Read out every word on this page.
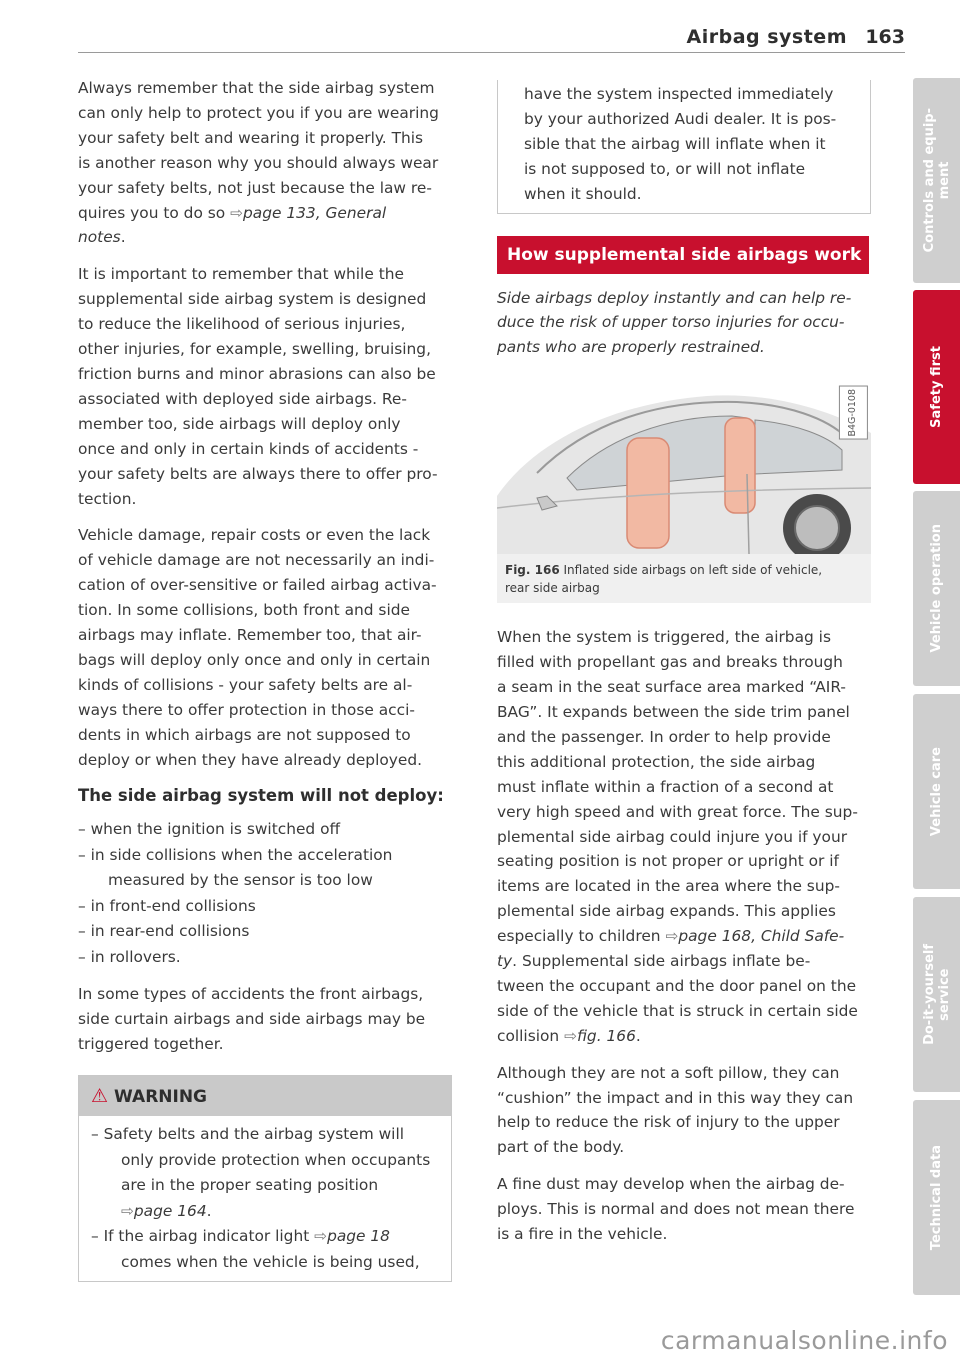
Airbag system 163

Always remember that the side airbag system
can only help to protect you if you are wearing
your safety belt and wearing it properly. This
is another reason why you should always wear
your safety belts, not just because the law re-
quires you to do so ⇨page 133, General
notes.

It is important to remember that while the
supplemental side airbag system is designed
to reduce the likelihood of serious injuries,
other injuries, for example, swelling, bruising,
friction burns and minor abrasions can also be
associated with deployed side airbags. Re-
member too, side airbags will deploy only
once and only in certain kinds of accidents -
your safety belts are always there to offer pro-
tection.

Vehicle damage, repair costs or even the lack
of vehicle damage are not necessarily an indi-
cation of over-sensitive or failed airbag activa-
tion. In some collisions, both front and side
airbags may inflate. Remember too, that air-
bags will deploy only once and only in certain
kinds of collisions - your safety belts are al-
ways there to offer protection in those acci-
dents in which airbags are not supposed to
deploy or when they have already deployed.

The side airbag system will not deploy:
– when the ignition is switched off
– in side collisions when the acceleration
measured by the sensor is too low
– in front-end collisions
– in rear-end collisions
– in rollovers.

In some types of accidents the front airbags,
side curtain airbags and side airbags may be
triggered together.

⚠ WARNING
– Safety belts and the airbag system will
only provide protection when occupants
are in the proper seating position
⇨page 164.
– If the airbag indicator light ⇨page 18
comes when the vehicle is being used,
have the system inspected immediately
by your authorized Audi dealer. It is pos-
sible that the airbag will inflate when it
is not supposed to, or will not inflate
when it should.
How supplemental side airbags work

Side airbags deploy instantly and can help re-
duce the risk of upper torso injuries for occu-
pants who are properly restrained.

B4G-0108
Fig. 166 Inflated side airbags on left side of vehicle,
rear side airbag

When the system is triggered, the airbag is
filled with propellant gas and breaks through
a seam in the seat surface area marked “AIR-
BAG”. It expands between the side trim panel
and the passenger. In order to help provide
this additional protection, the side airbag
must inflate within a fraction of a second at
very high speed and with great force. The sup-
plemental side airbag could injure you if your
seating position is not proper or upright or if
items are located in the area where the sup-
plemental side airbag expands. This applies
especially to children ⇨page 168, Child Safe-
ty. Supplemental side airbags inflate be-
tween the occupant and the door panel on the
side of the vehicle that is struck in certain side
collision ⇨fig. 166.

Although they are not a soft pillow, they can
“cushion” the impact and in this way they can
help to reduce the risk of injury to the upper
part of the body.

A fine dust may develop when the airbag de-
ploys. This is normal and does not mean there
is a fire in the vehicle.

Controls and equip-
ment
Safety first
Vehicle operation
Vehicle care
Do-it-yourself
service
Technical data
carmanualsonline.info
